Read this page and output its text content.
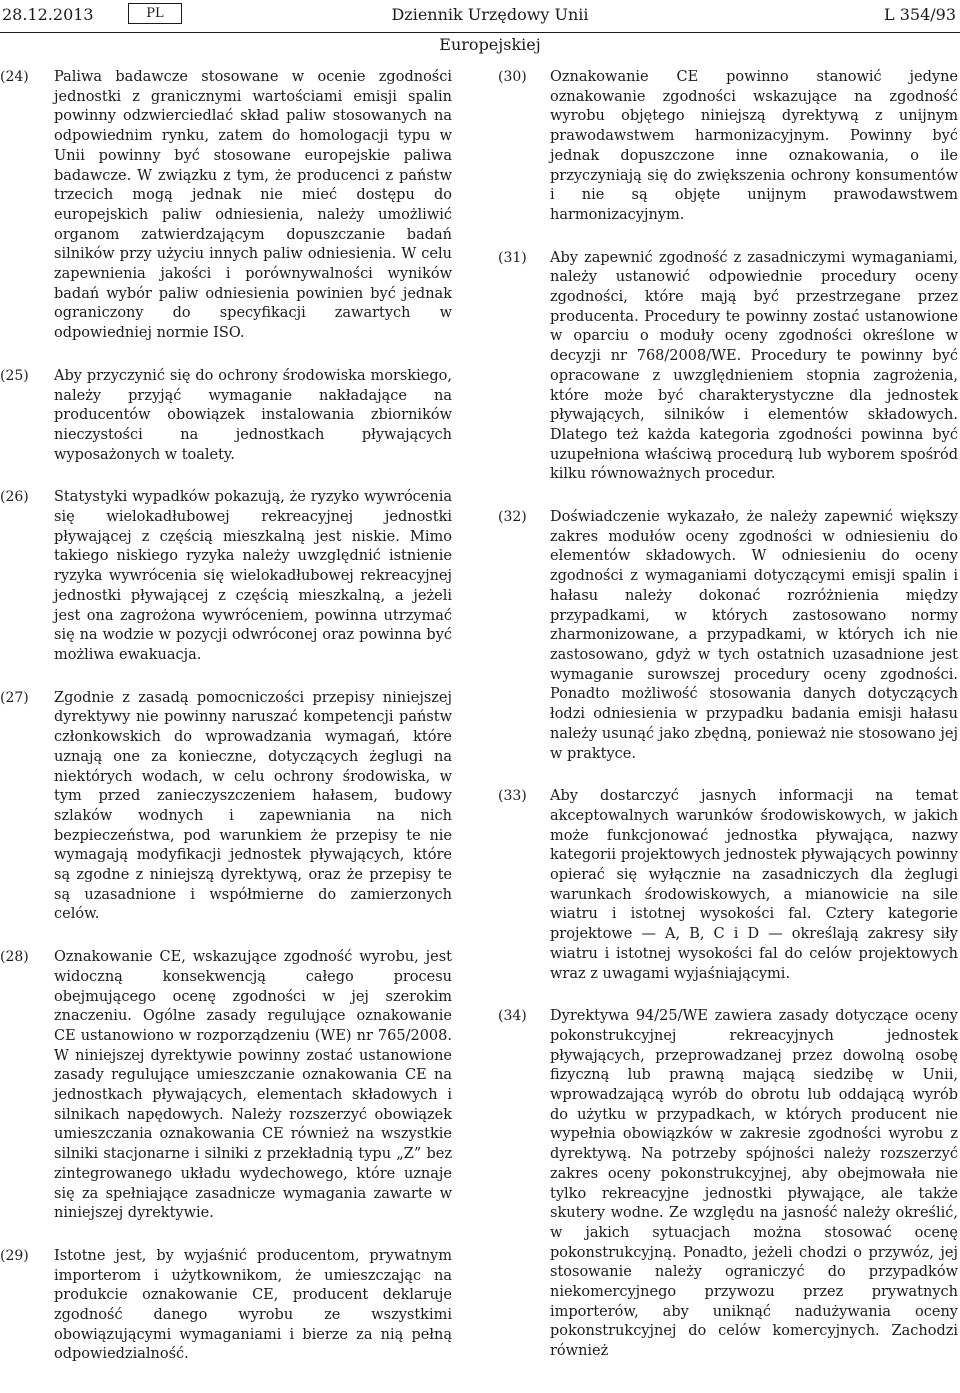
28.12.2013	PL	Dziennik Urzędowy Unii Europejskiej
L 354/93
(24) Paliwa badawcze stosowane w ocenie zgodności jednostki z granicznymi wartościami emisji spalin powinny odzwierciedlać skład paliw stosowanych na odpowiednim rynku, zatem do homologacji typu w Unii powinny być stosowane europejskie paliwa badawcze. W związku z tym, że producenci z państw trzecich mogą jednak nie mieć dostępu do europejskich paliw odniesienia, należy umożliwić organom zatwierdzającym dopuszczanie badań silników przy użyciu innych paliw odniesienia. W celu zapewnienia jakości i porównywalności wyników badań wybór paliw odniesienia powinien być jednak ograniczony do specyfikacji zawartych w odpowiedniej normie ISO.
(25) Aby przyczynić się do ochrony środowiska morskiego, należy przyjąć wymaganie nakładające na producentów obowiązek instalowania zbiorników nieczystości na jednostkach pływających wyposażonych w toalety.
(26) Statystyki wypadków pokazują, że ryzyko wywrócenia się wielokadłubowej rekreacyjnej jednostki pływającej z częścią mieszkalną jest niskie. Mimo takiego niskiego ryzyka należy uwzględnić istnienie ryzyka wywrócenia się wielokadłubowej rekreacyjnej jednostki pływającej z częścią mieszkalną, a jeżeli jest ona zagrożona wywróceniem, powinna utrzymać się na wodzie w pozycji odwróconej oraz powinna być możliwa ewakuacja.
(27) Zgodnie z zasadą pomocniczości przepisy niniejszej dyrektywy nie powinny naruszać kompetencji państw członkowskich do wprowadzania wymagań, które uznają one za konieczne, dotyczących żeglugi na niektórych wodach, w celu ochrony środowiska, w tym przed zanieczyszczeniem hałasem, budowy szlaków wodnych i zapewniania na nich bezpieczeństwa, pod warunkiem że przepisy te nie wymagają modyfikacji jednostek pływających, które są zgodne z niniejszą dyrektywą, oraz że przepisy te są uzasadnione i współmierne do zamierzonych celów.
(28) Oznakowanie CE, wskazujące zgodność wyrobu, jest widoczną konsekwencją całego procesu obejmującego ocenę zgodności w jej szerokim znaczeniu. Ogólne zasady regulujące oznakowanie CE ustanowiono w rozporządzeniu (WE) nr 765/2008. W niniejszej dyrektywie powinny zostać ustanowione zasady regulujące umieszczanie oznakowania CE na jednostkach pływających, elementach składowych i silnikach napędowych. Należy rozszerzyć obowiązek umieszczania oznakowania CE również na wszystkie silniki stacjonarne i silniki z przekładnią typu „Z” bez zintegrowanego układu wydechowego, które uznaje się za spełniające zasadnicze wymagania zawarte w niniejszej dyrektywie.
(29) Istotne jest, by wyjaśnić producentom, prywatnym importerom i użytkownikom, że umieszczając na produkcie oznakowanie CE, producent deklaruje zgodność danego wyrobu ze wszystkimi obowiązującymi wymaganiami i bierze za nią pełną odpowiedzialność.
(30) Oznakowanie CE powinno stanowić jedyne oznakowanie zgodności wskazujące na zgodność wyrobu objętego niniejszą dyrektywą z unijnym prawodawstwem harmonizacyjnym. Powinny być jednak dopuszczone inne oznakowania, o ile przyczyniają się do zwiększenia ochrony konsumentów i nie są objęte unijnym prawodawstwem harmonizacyjnym.
(31) Aby zapewnić zgodność z zasadniczymi wymaganiami, należy ustanowić odpowiednie procedury oceny zgodności, które mają być przestrzegane przez producenta. Procedury te powinny zostać ustanowione w oparciu o moduły oceny zgodności określone w decyzji nr 768/2008/WE. Procedury te powinny być opracowane z uwzględnieniem stopnia zagrożenia, które może być charakterystyczne dla jednostek pływających, silników i elementów składowych. Dlatego też każda kategoria zgodności powinna być uzupełniona właściwą procedurą lub wyborem spośród kilku równoważnych procedur.
(32) Doświadczenie wykazało, że należy zapewnić większy zakres modułów oceny zgodności w odniesieniu do elementów składowych. W odniesieniu do oceny zgodności z wymaganiami dotyczącymi emisji spalin i hałasu należy dokonać rozróżnienia między przypadkami, w których zastosowano normy zharmonizowane, a przypadkami, w których ich nie zastosowano, gdyż w tych ostatnich uzasadnione jest wymaganie surowszej procedury oceny zgodności. Ponadto możliwość stosowania danych dotyczących łodzi odniesienia w przypadku badania emisji hałasu należy usunąć jako zbędną, ponieważ nie stosowano jej w praktyce.
(33) Aby dostarczyć jasnych informacji na temat akceptowalnych warunków środowiskowych, w jakich może funkcjonować jednostka pływająca, nazwy kategorii projektowych jednostek pływających powinny opierać się wyłącznie na zasadniczych dla żeglugi warunkach środowiskowych, a mianowicie na sile wiatru i istotnej wysokości fal. Cztery kategorie projektowe — A, B, C i D — określają zakresy siły wiatru i istotnej wysokości fal do celów projektowych wraz z uwagami wyjaśniającymi.
(34) Dyrektywa 94/25/WE zawiera zasady dotyczące oceny pokonstrukcyjnej rekreacyjnych jednostek pływających, przeprowadzanej przez dowolną osobę fizyczną lub prawną mającą siedzibę w Unii, wprowadzającą wyrób do obrotu lub oddającą wyrób do użytku w przypadkach, w których producent nie wypełnia obowiązków w zakresie zgodności wyrobu z dyrektywą. Na potrzeby spójności należy rozszerzyć zakres oceny pokonstrukcyjnej, aby obejmowała nie tylko rekreacyjne jednostki pływające, ale także skutery wodne. Ze względu na jasność należy określić, w jakich sytuacjach można stosować ocenę pokonstrukcyjną. Ponadto, jeżeli chodzi o przywóz, jej stosowanie należy ograniczyć do przypadków niekomercyjnego przywozu przez prywatnych importerów, aby uniknąć nadużywania oceny pokonstrukcyjnej do celów komercyjnych. Zachodzi również
